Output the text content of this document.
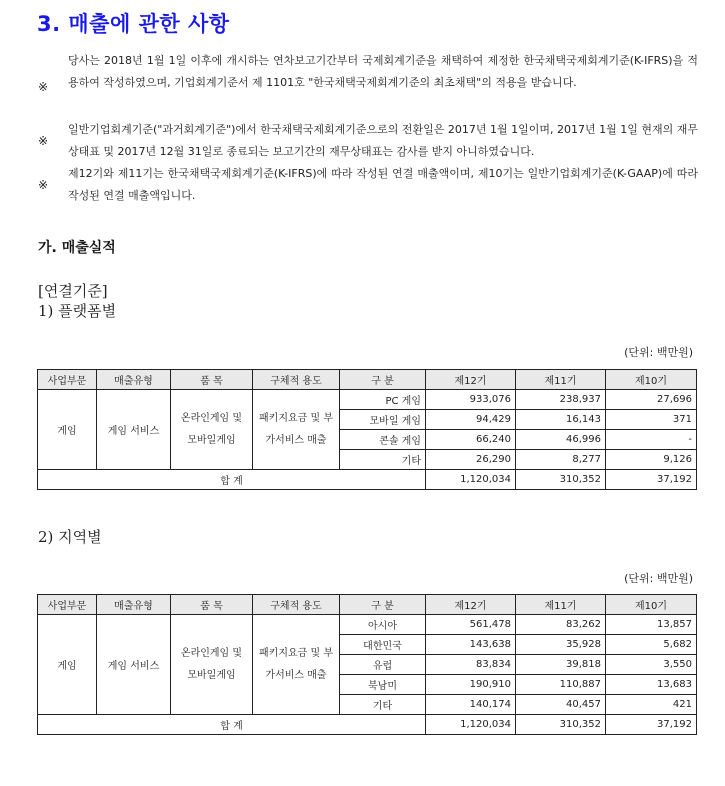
3. 매출에 관한 사항
※
당사는 2018년 1월 1일 이후에 개시하는 연차보고기간부터 국제회계기준을 채택하여 제정한 한국채택국제회계기준(K-IFRS)을 적용하여 작성하였으며, 기업회계기준서 제 1101호 "한국채택국제회계기준의 최초채택"의 적용을 받습니다.
※
일반기업회계기준("과거회계기준")에서 한국채택국제회계기준으로의 전환일은 2017년 1월 1일이며, 2017년 1월 1일 현재의 재무상태표 및 2017년 12월 31일로 종료되는 보고기간의 재무상태표는 감사를 받지 아니하였습니다.
※
제12기와 제11기는 한국채택국제회계기준(K-IFRS)에 따라 작성된 연결 매출액이며, 제10기는 일반기업회계기준(K-GAAP)에 따라 작성된 연결 매출액입니다.
가. 매출실적
[연결기준]
1) 플랫폼별
(단위: 백만원)
사업부문	매출유형	품 목	구체적 용도	구 분	제12기	제11기	제10기
게임	게임 서비스	온라인게임 및 모바일게임	패키지요금 및 부가서비스 매출	PC 게임	933,076	238,937	27,696
				모바일 게임	94,429	16,143	371
				콘솔 게임	66,240	46,996	-
				기타	26,290	8,277	9,126
합 계					1,120,034	310,352	37,192
2) 지역별
(단위: 백만원)
사업부문	매출유형	품 목	구체적 용도	구 분	제12기	제11기	제10기
게임	게임 서비스	온라인게임 및 모바일게임	패키지요금 및 부가서비스 매출	아시아	561,478	83,262	13,857
				대한민국	143,638	35,928	5,682
				유럽	83,834	39,818	3,550
				북남미	190,910	110,887	13,683
				기타	140,174	40,457	421
합 계					1,120,034	310,352	37,192
